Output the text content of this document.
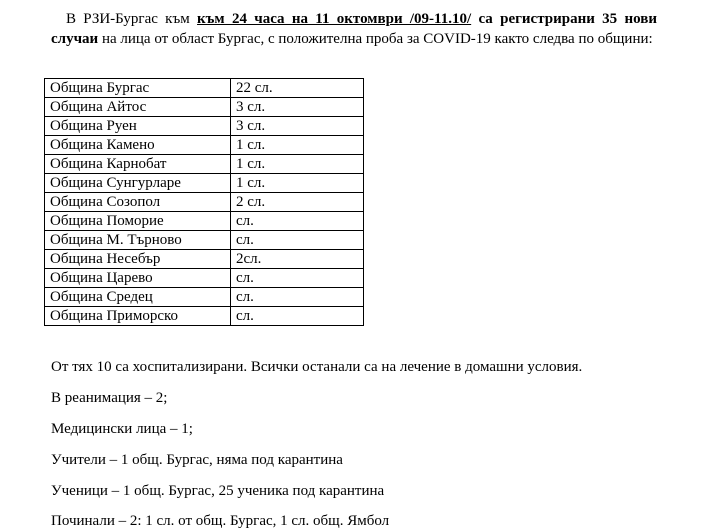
В РЗИ-Бургас към към 24 часа на 11 октомври /09-11.10/ са регистрирани 35 нови случаи на лица от област Бургас, с положителна проба за COVID-19 както следва по общини:

Община Бургас	22 сл.
Община Айтос	3 сл.
Община Руен	3 сл.
Община Камено	1 сл.
Община Карнобат	1 сл.
Община Сунгурларе	1 сл.
Община Созопол	2 сл.
Община Поморие	сл.
Община М. Търново	сл.
Община Несебър	2сл.
Община Царево	сл.
Община Средец	сл.
Община Приморско	сл.

От тях 10 са хоспитализирани. Всички останали са на лечение в домашни условия.

В реанимация – 2;

Медицински лица – 1;

Учители – 1 общ. Бургас, няма под карантина

Ученици – 1 общ. Бургас, 25 ученика под карантина

Починали – 2: 1 сл. от общ. Бургас, 1 сл. общ. Ямбол
